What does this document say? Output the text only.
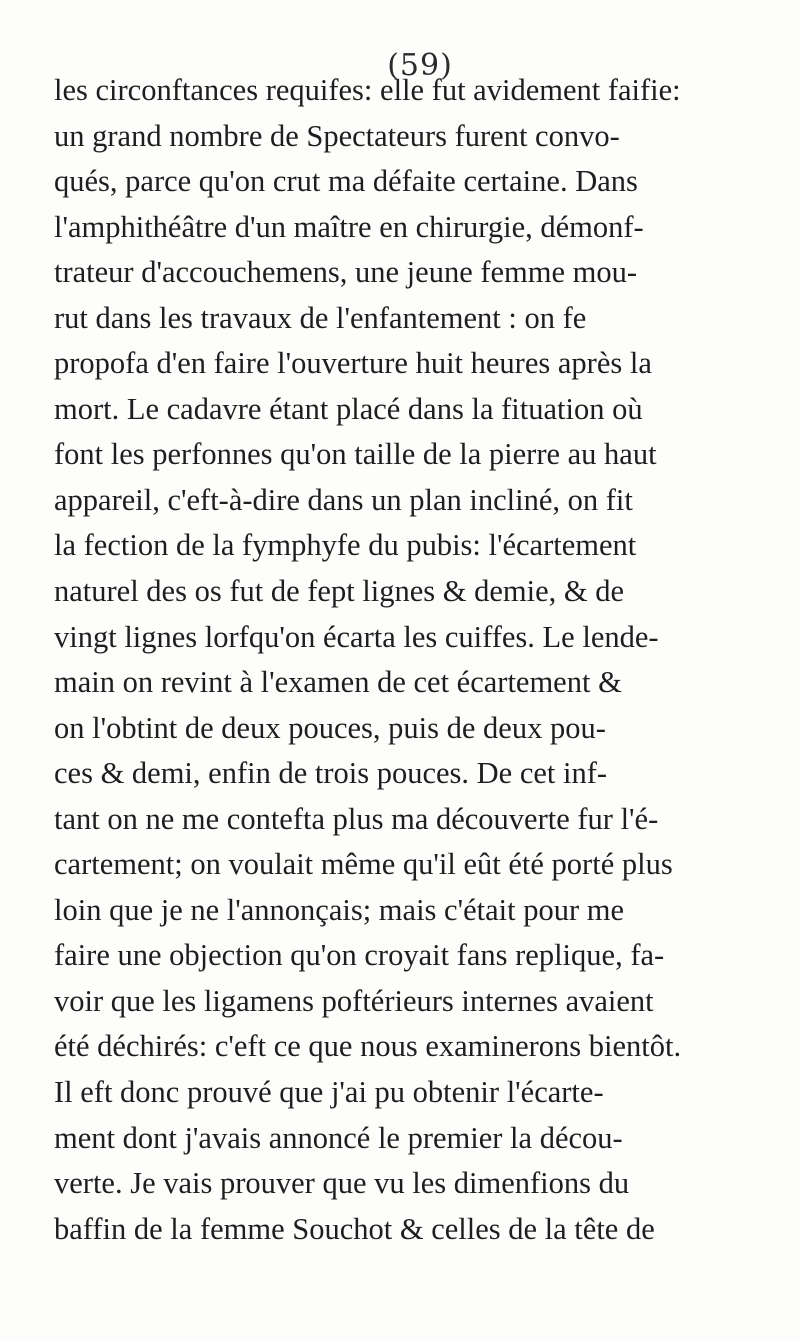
(59)
les circonftances requifes: elle fut avidement faifie:
un grand nombre de Spectateurs furent convo-
qués, parce qu'on crut ma défaite certaine. Dans
l'amphithéâtre d'un maître en chirurgie, démonf-
trateur d'accouchemens, une jeune femme mou-
rut dans les travaux de l'enfantement : on fe
propofa d'en faire l'ouverture huit heures après la
mort. Le cadavre étant placé dans la fituation où
font les perfonnes qu'on taille de la pierre au haut
appareil, c'eft-à-dire dans un plan incliné, on fit
la fection de la fymphyfe du pubis: l'écartement
naturel des os fut de fept lignes & demie, & de
vingt lignes lorfqu'on écarta les cuiffes. Le lende-
main on revint à l'examen de cet écartement &
on l'obtint de deux pouces, puis de deux pou-
ces & demi, enfin de trois pouces. De cet inf-
tant on ne me contefta plus ma découverte fur l'é-
cartement; on voulait même qu'il eût été porté plus
loin que je ne l'annonçais; mais c'était pour me
faire une objection qu'on croyait fans replique, fa-
voir que les ligamens poftérieurs internes avaient
été déchirés: c'eft ce que nous examinerons bientôt.
Il eft donc prouvé que j'ai pu obtenir l'écarte-
ment dont j'avais annoncé le premier la décou-
verte. Je vais prouver que vu les dimenfions du
baffin de la femme Souchot & celles de la tête de
